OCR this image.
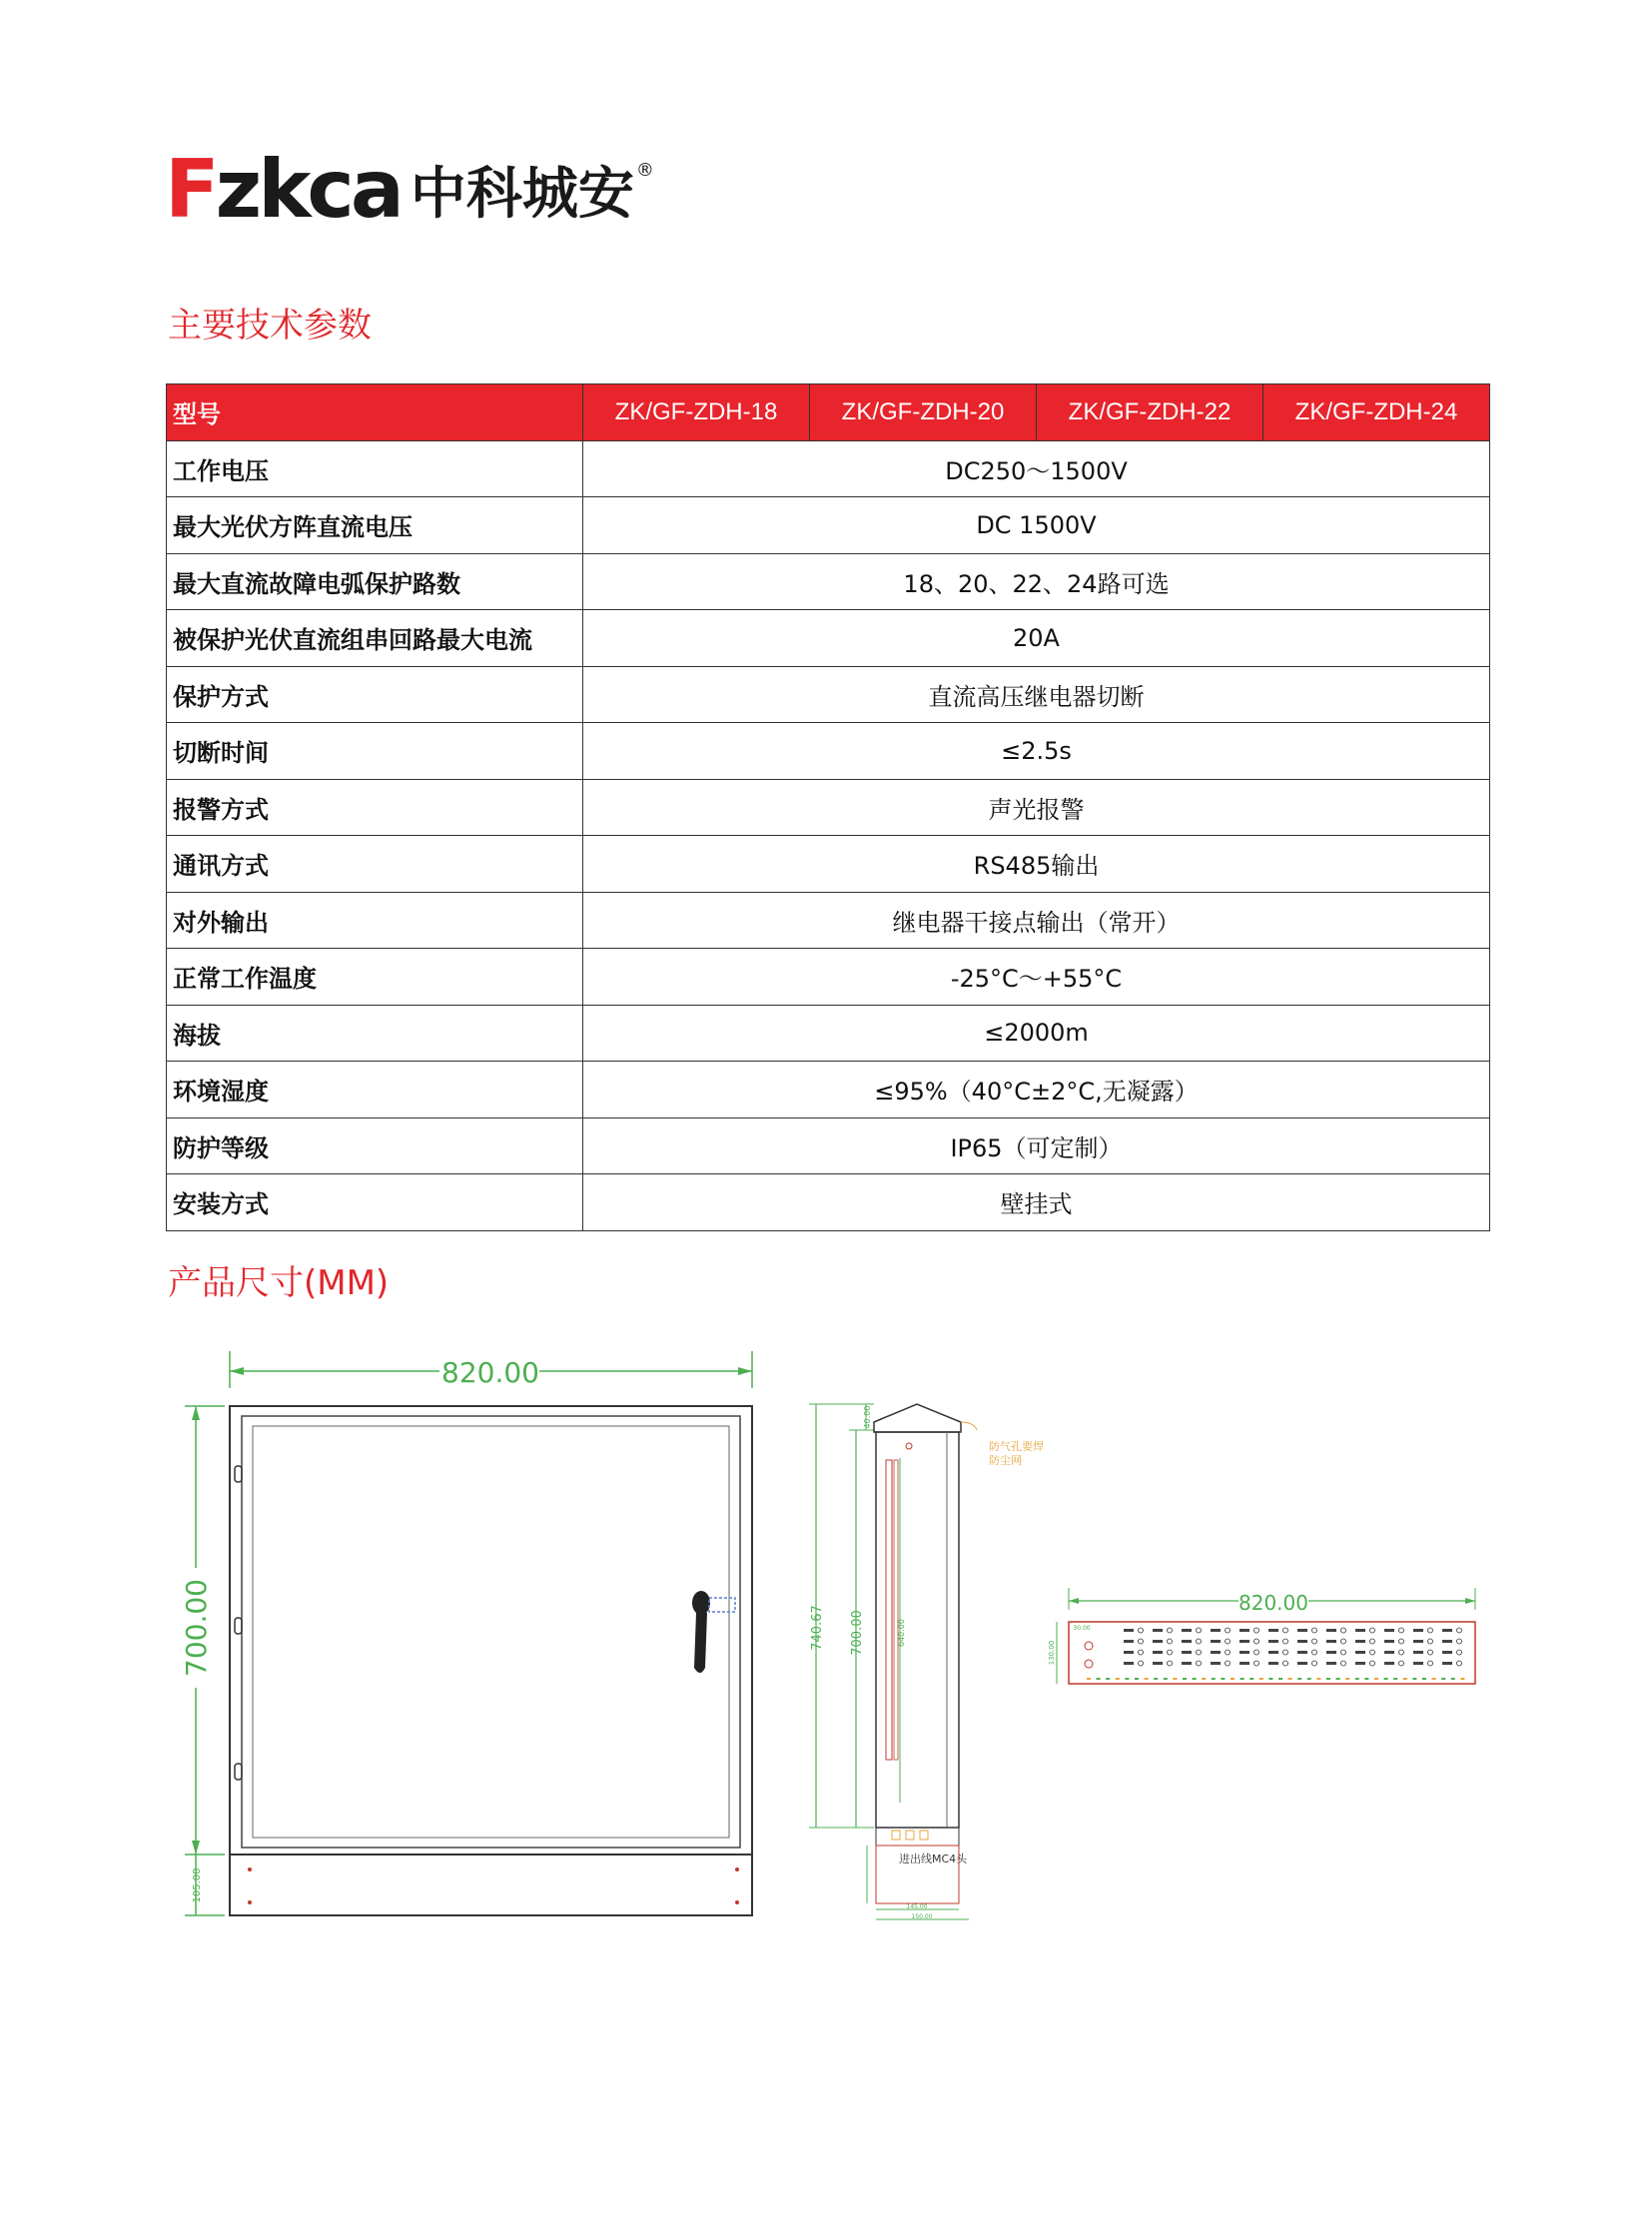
Fzkca 中科城安 ®
主要技术参数
型号	ZK/GF-ZDH-18	ZK/GF-ZDH-20	ZK/GF-ZDH-22	ZK/GF-ZDH-24
工作电压	DC250～1500V			
最大光伏方阵直流电压	DC 1500V			
最大直流故障电弧保护路数	18、20、22、24路可选			
被保护光伏直流组串回路最大电流	20A			
保护方式	直流高压继电器切断			
切断时间	≤2.5s			
报警方式	声光报警			
通讯方式	RS485输出			
对外输出	继电器干接点输出（常开）			
正常工作温度	-25°C～+55°C			
海拔	≤2000m			
环境湿度	≤95%（40°C±2°C,无凝露）			
防护等级	IP65（可定制）			
安装方式	壁挂式			
产品尺寸(MM)
820.00
700.00
105.00
740.67 700.00
40.00
640.00
防气孔要焊
防尘网
进出线MC4头
145.00
150.00
820.00
130.00
30.00
